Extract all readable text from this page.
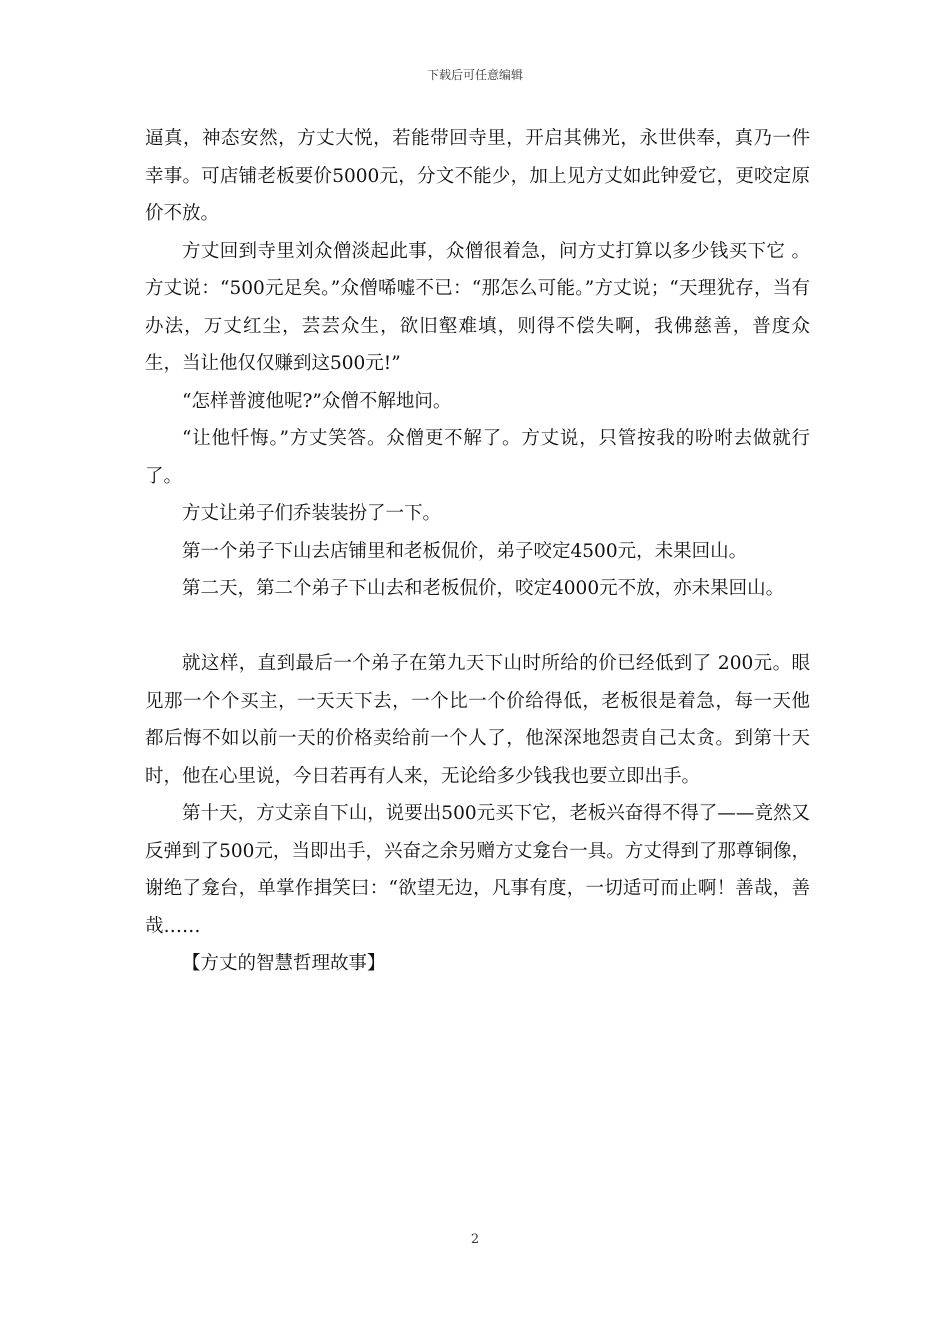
下载后可任意编辑

逼真，神态安然，方丈大悦，若能带回寺里，开启其佛光，永世供奉，真乃一件幸事。可店铺老板要价5000元，分文不能少，加上见方丈如此钟爱它，更咬定原价不放。

方丈回到寺里刘众僧淡起此事，众僧很着急，问方丈打算以多少钱买下它 。方丈说：“500元足矣。”众僧唏嘘不已：“那怎么可能。”方丈说；“天理犹存，当有办法，万丈红尘，芸芸众生，欲旧壑难填，则得不偿失啊，我佛慈善，普度众生，当让他仅仅赚到这500元!”

“怎样普渡他呢?”众僧不解地问。

“让他忏悔。”方丈笑答。众僧更不解了。方丈说，只管按我的吩咐去做就行了。

方丈让弟子们乔装装扮了一下。

第一个弟子下山去店铺里和老板侃价，弟子咬定4500元，未果回山。

第二天，第二个弟子下山去和老板侃价，咬定4000元不放，亦未果回山。

就这样，直到最后一个弟子在第九天下山时所给的价已经低到了 200元。眼见那一个个买主，一天天下去，一个比一个价给得低，老板很是着急，每一天他都后悔不如以前一天的价格卖给前一个人了，他深深地怨责自己太贪。到第十天时，他在心里说，今日若再有人来，无论给多少钱我也要立即出手。

第十天，方丈亲自下山，说要出500元买下它，老板兴奋得不得了——竟然又反弹到了500元，当即出手，兴奋之余另赠方丈龛台一具。方丈得到了那尊铜像，谢绝了龛台，单掌作揖笑曰：“欲望无边，凡事有度，一切适可而止啊！善哉，善哉……

【方丈的智慧哲理故事】

2
